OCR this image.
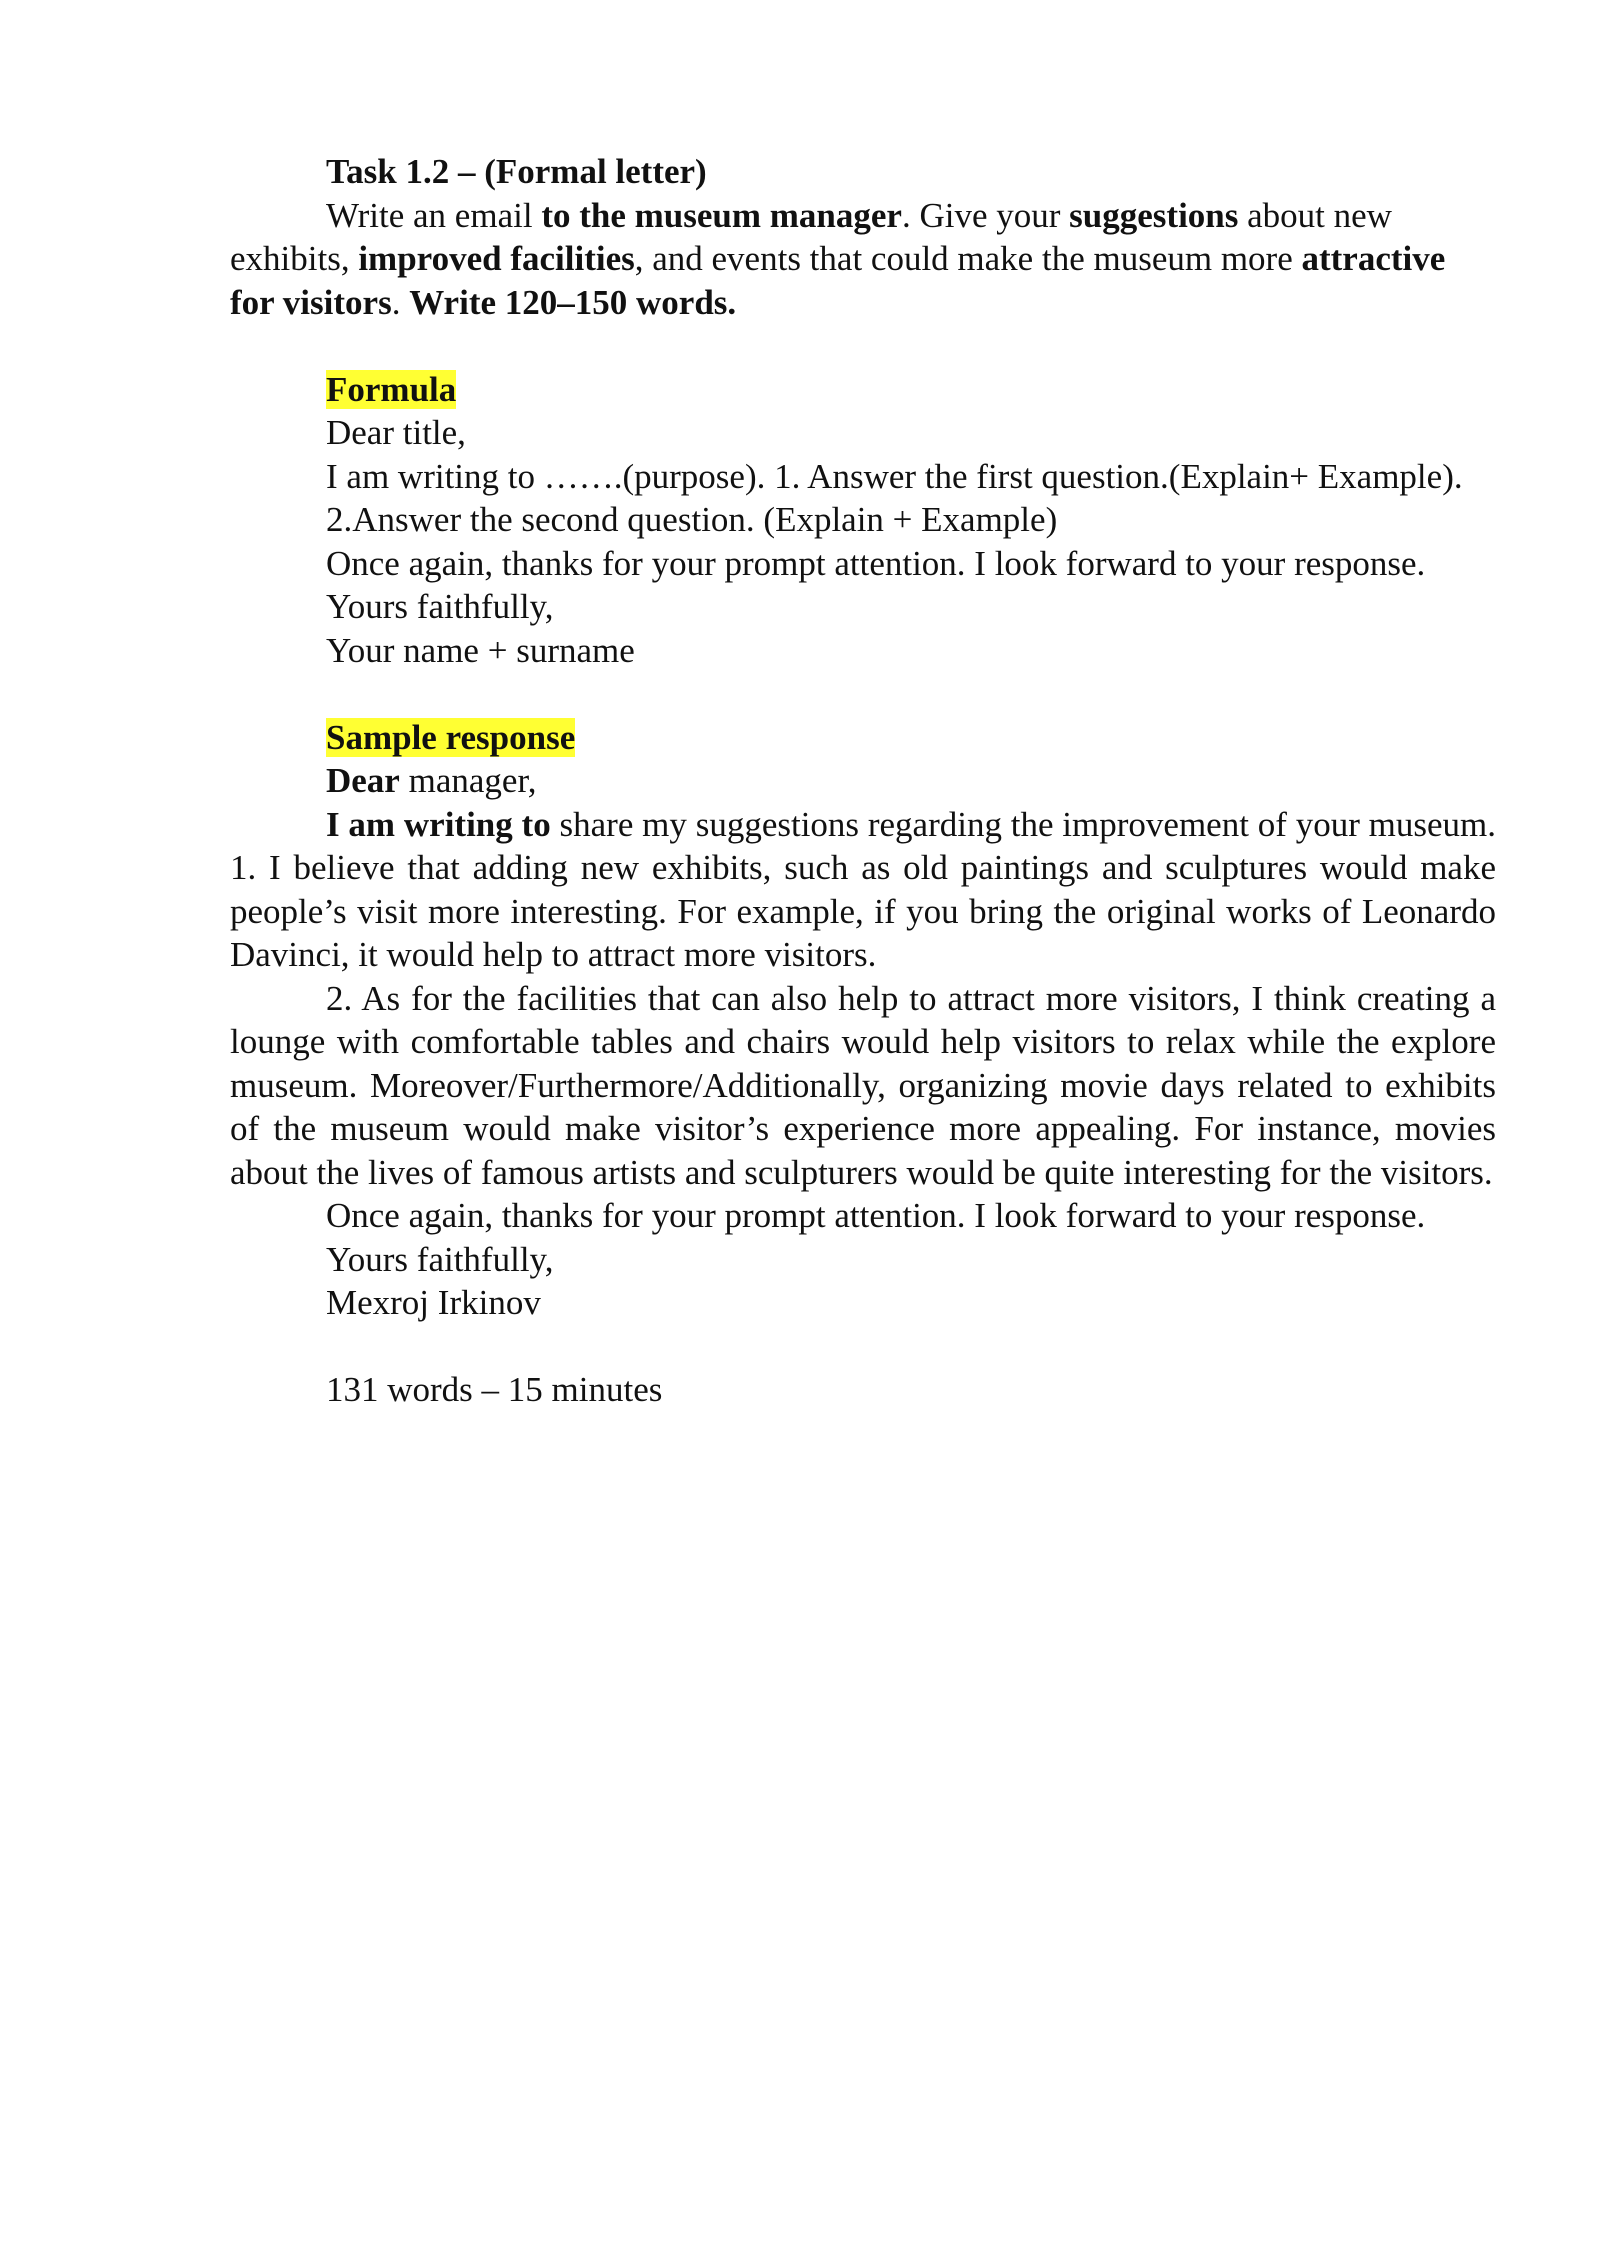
Task 1.2 – (Formal letter)

Write an email to the museum manager. Give your suggestions about new exhibits, improved facilities, and events that could make the museum more attractive for visitors. Write 120–150 words.

Formula

Dear title,

I am writing to …….(purpose). 1. Answer the first question.(Explain+ Example).

2.Answer the second question. (Explain + Example)

Once again, thanks for your prompt attention. I look forward to your response.

Yours faithfully,

Your name + surname

Sample response

Dear manager,

I am writing to share my suggestions regarding the improvement of your museum. 1. I believe that adding new exhibits, such as old paintings and sculptures would make people’s visit more interesting. For example, if you bring the original works of Leonardo Davinci, it would help to attract more visitors.

2. As for the facilities that can also help to attract more visitors, I think creating a lounge with comfortable tables and chairs would help visitors to relax while the explore museum. Moreover/Furthermore/Additionally, organizing movie days related to exhibits of the museum would make visitor’s experience more appealing. For instance, movies about the lives of famous artists and sculpturers would be quite interesting for the visitors.

Once again, thanks for your prompt attention. I look forward to your response.

Yours faithfully,

Mexroj Irkinov

131 words – 15 minutes
